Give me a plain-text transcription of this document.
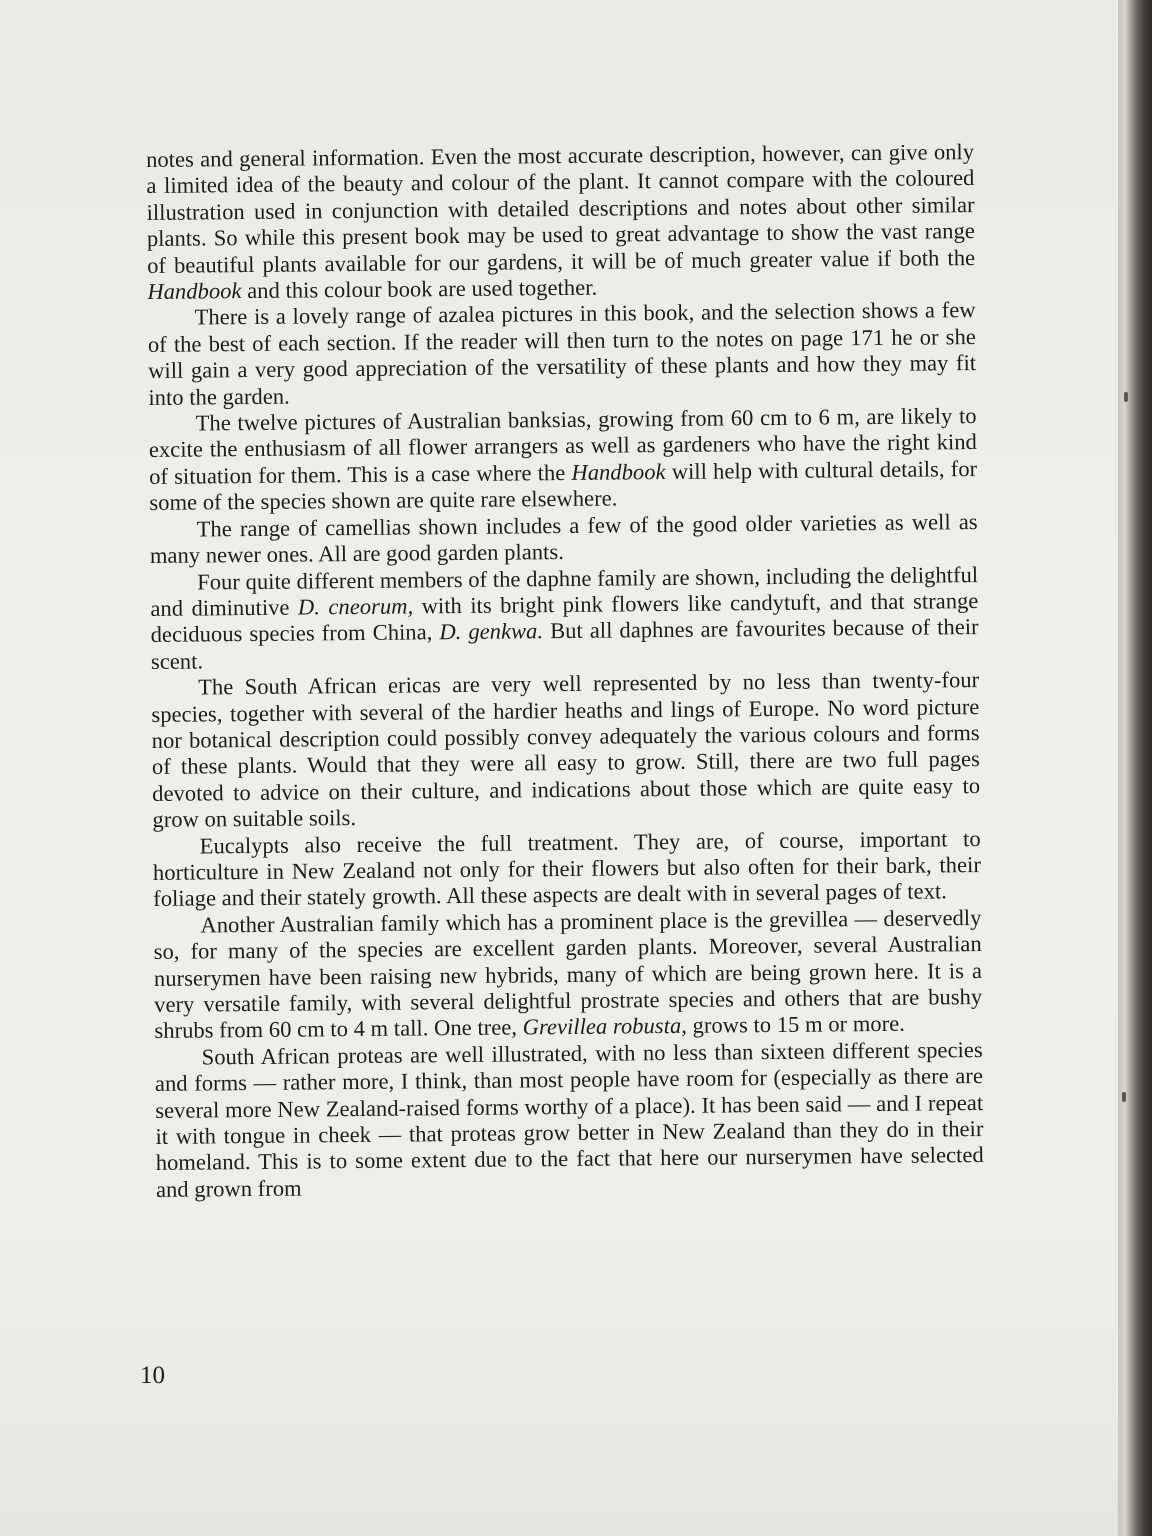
notes and general information. Even the most accurate description, however, can give only a limited idea of the beauty and colour of the plant. It cannot compare with the coloured illustration used in conjunction with detailed descriptions and notes about other similar plants. So while this present book may be used to great advantage to show the vast range of beautiful plants available for our gardens, it will be of much greater value if both the Handbook and this colour book are used together.

There is a lovely range of azalea pictures in this book, and the selection shows a few of the best of each section. If the reader will then turn to the notes on page 171 he or she will gain a very good appreciation of the versatility of these plants and how they may fit into the garden.

The twelve pictures of Australian banksias, growing from 60 cm to 6 m, are likely to excite the enthusiasm of all flower arrangers as well as gardeners who have the right kind of situation for them. This is a case where the Handbook will help with cultural details, for some of the species shown are quite rare elsewhere.

The range of camellias shown includes a few of the good older varieties as well as many newer ones. All are good garden plants.

Four quite different members of the daphne family are shown, including the delightful and diminutive D. cneorum, with its bright pink flowers like candytuft, and that strange deciduous species from China, D. genkwa. But all daphnes are favourites because of their scent.

The South African ericas are very well represented by no less than twenty-four species, together with several of the hardier heaths and lings of Europe. No word picture nor botanical description could possibly convey adequately the various colours and forms of these plants. Would that they were all easy to grow. Still, there are two full pages devoted to advice on their culture, and indications about those which are quite easy to grow on suitable soils.

Eucalypts also receive the full treatment. They are, of course, important to horticulture in New Zealand not only for their flowers but also often for their bark, their foliage and their stately growth. All these aspects are dealt with in several pages of text.

Another Australian family which has a prominent place is the grevillea — deservedly so, for many of the species are excellent garden plants. Moreover, several Australian nurserymen have been raising new hybrids, many of which are being grown here. It is a very versatile family, with several delightful prostrate species and others that are bushy shrubs from 60 cm to 4 m tall. One tree, Grevillea robusta, grows to 15 m or more.

South African proteas are well illustrated, with no less than sixteen different species and forms — rather more, I think, than most people have room for (especially as there are several more New Zealand-raised forms worthy of a place). It has been said — and I repeat it with tongue in cheek — that proteas grow better in New Zealand than they do in their homeland. This is to some extent due to the fact that here our nurserymen have selected and grown from

10
